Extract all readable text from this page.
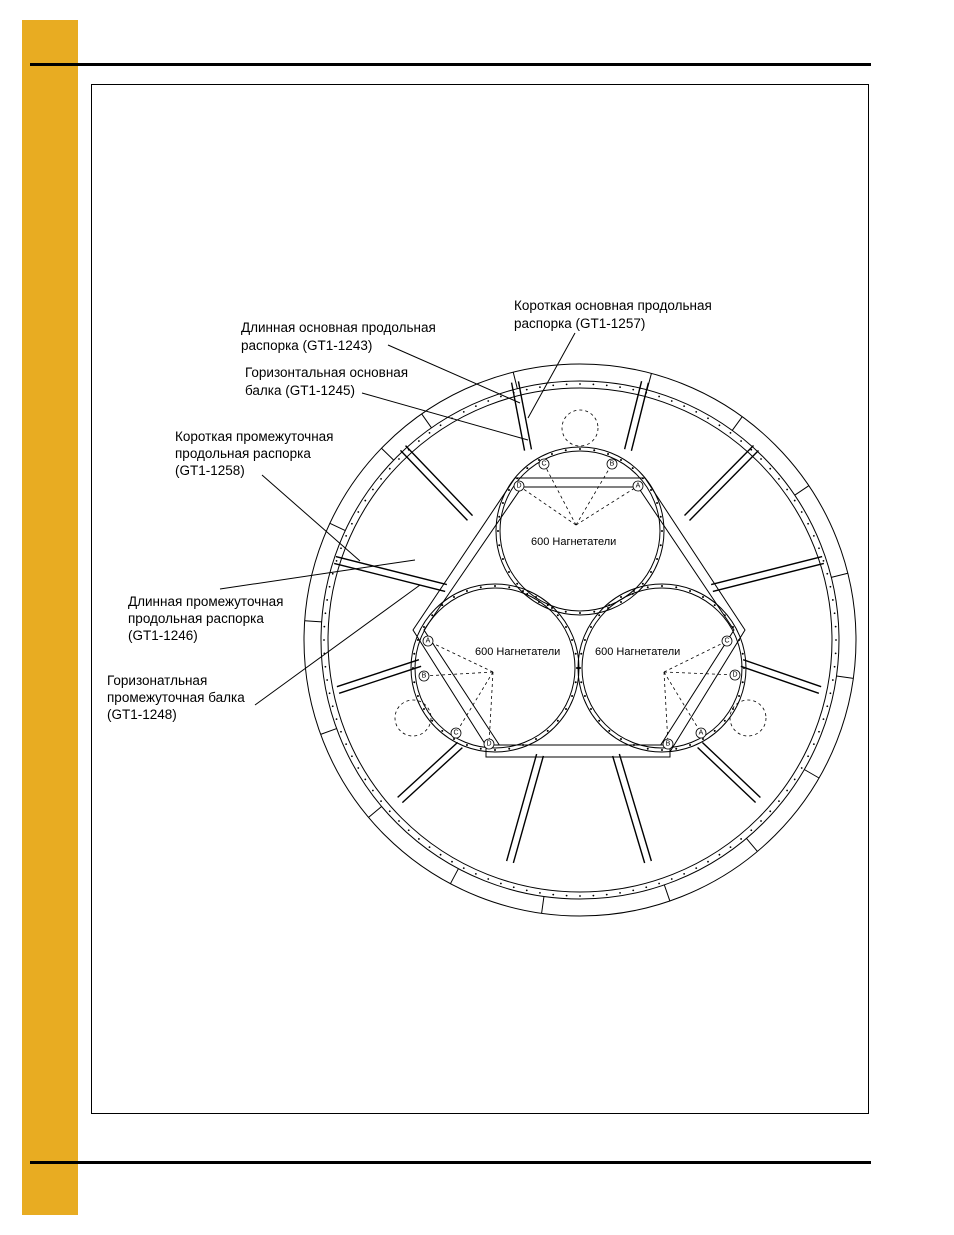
C	B
D	A
A
B
C
D
C
D
A
B
Длинная основная продольная распорка (GT1-1243)
Короткая основная продольная распорка (GT1-1257)
Горизонтальная основная балка (GT1-1245)
Короткая промежуточная продольная распорка (GT1-1258)
Длинная промежуточная продольная распорка (GT1-1246)
Горизонатльная промежуточная балка (GT1-1248)
600 Нагнетатели
600 Нагнетатели	600 Нагнетатели
